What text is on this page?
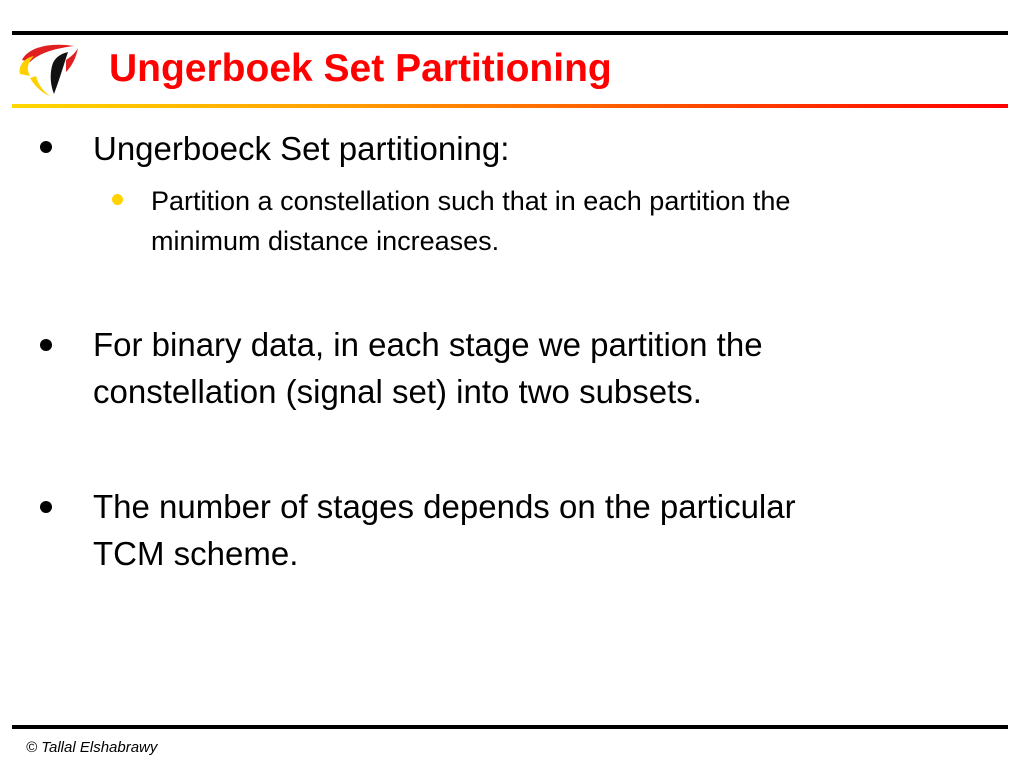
Ungerboek Set Partitioning
Ungerboeck Set partitioning:
Partition a constellation such that in each partition the
minimum distance increases.
For binary data, in each stage we partition the
constellation (signal set) into two subsets.
The number of stages depends on the particular
TCM scheme.
© Tallal Elshabrawy
